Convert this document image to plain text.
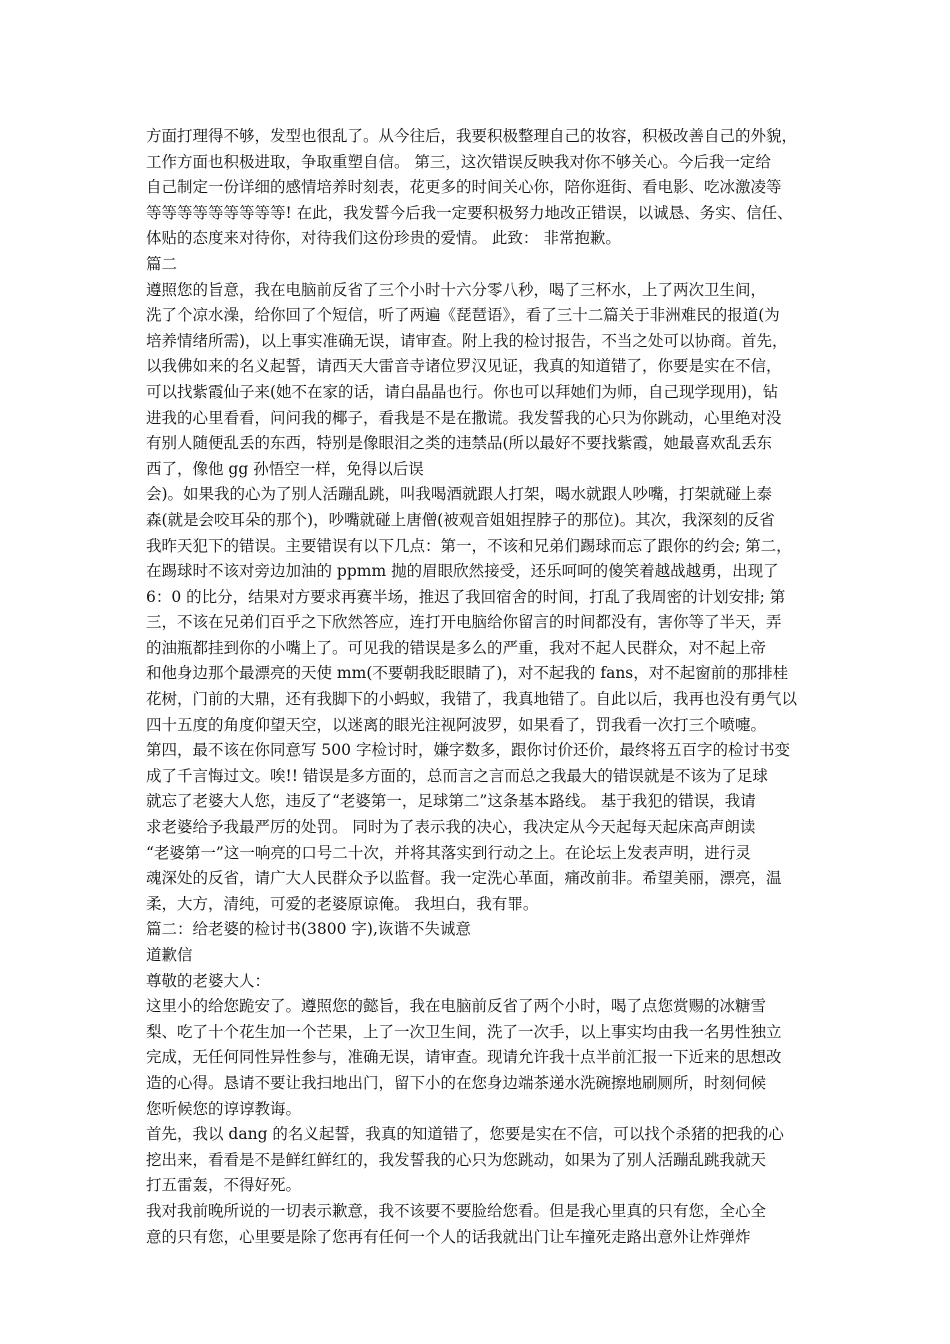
方面打理得不够，发型也很乱了。从今往后，我要积极整理自己的妆容，积极改善自己的外貌，
工作方面也积极进取，争取重塑自信。 第三，这次错误反映我对你不够关心。今后我一定给
自己制定一份详细的感情培养时刻表，花更多的时间关心你，陪你逛街、看电影、吃冰激凌等
等等等等等等等等等! 在此，我发誓今后我一定要积极努力地改正错误，以诚恳、务实、信任、
体贴的态度来对待你，对待我们这份珍贵的爱情。 此致： 非常抱歉。
篇二
遵照您的旨意，我在电脑前反省了三个小时十六分零八秒，喝了三杯水，上了两次卫生间，
洗了个凉水澡，给你回了个短信，听了两遍《琵琶语》，看了三十二篇关于非洲难民的报道(为
培养情绪所需)，以上事实准确无误，请审查。附上我的检讨报告，不当之处可以协商。首先，
以我佛如来的名义起誓，请西天大雷音寺诸位罗汉见证，我真的知道错了，你要是实在不信，
可以找紫霞仙子来(她不在家的话，请白晶晶也行。你也可以拜她们为师，自己现学现用)，钻
进我的心里看看，问问我的椰子，看我是不是在撒谎。我发誓我的心只为你跳动，心里绝对没
有别人随便乱丢的东西，特别是像眼泪之类的违禁品(所以最好不要找紫霞，她最喜欢乱丢东
西了，像他 gg 孙悟空一样，免得以后误
会)。如果我的心为了别人活蹦乱跳，叫我喝酒就跟人打架，喝水就跟人吵嘴，打架就碰上泰
森(就是会咬耳朵的那个)，吵嘴就碰上唐僧(被观音姐姐捏脖子的那位)。其次，我深刻的反省
我昨天犯下的错误。主要错误有以下几点：第一，不该和兄弟们踢球而忘了跟你的约会; 第二，
在踢球时不该对旁边加油的 ppmm 抛的眉眼欣然接受，还乐呵呵的傻笑着越战越勇，出现了
6：0 的比分，结果对方要求再赛半场，推迟了我回宿舍的时间，打乱了我周密的计划安排; 第
三，不该在兄弟们百乎之下欣然答应，连打开电脑给你留言的时间都没有，害你等了半天，弄
的油瓶都挂到你的小嘴上了。可见我的错误是多么的严重，我对不起人民群众，对不起上帝
和他身边那个最漂亮的天使 mm(不要朝我眨眼睛了)，对不起我的 fans，对不起窗前的那排桂
花树，门前的大鼎，还有我脚下的小蚂蚁，我错了，我真地错了。自此以后，我再也没有勇气以
四十五度的角度仰望天空，以迷离的眼光注视阿波罗，如果看了，罚我看一次打三个喷嚏。
第四，最不该在你同意写 500 字检讨时，嫌字数多，跟你讨价还价，最终将五百字的检讨书变
成了千言悔过文。唉!! 错误是多方面的，总而言之言而总之我最大的错误就是不该为了足球
就忘了老婆大人您，违反了“老婆第一，足球第二”这条基本路线。 基于我犯的错误，我请
求老婆给予我最严厉的处罚。 同时为了表示我的决心，我决定从今天起每天起床高声朗读
“老婆第一”这一响亮的口号二十次，并将其落实到行动之上。在论坛上发表声明，进行灵
魂深处的反省，请广大人民群众予以监督。我一定洗心革面，痛改前非。希望美丽，漂亮，温
柔，大方，清纯，可爱的老婆原谅俺。 我坦白，我有罪。
篇二：给老婆的检讨书(3800 字),诙谐不失诚意
道歉信
尊敬的老婆大人：
这里小的给您跪安了。遵照您的懿旨，我在电脑前反省了两个小时，喝了点您赏赐的冰糖雪
梨、吃了十个花生加一个芒果，上了一次卫生间，洗了一次手，以上事实均由我一名男性独立
完成，无任何同性异性参与，准确无误，请审查。现请允许我十点半前汇报一下近来的思想改
造的心得。恳请不要让我扫地出门，留下小的在您身边端茶递水洗碗擦地刷厕所，时刻伺候
您听候您的谆谆教诲。
首先，我以 dang 的名义起誓，我真的知道错了，您要是实在不信，可以找个杀猪的把我的心
挖出来，看看是不是鲜红鲜红的，我发誓我的心只为您跳动，如果为了别人活蹦乱跳我就天
打五雷轰，不得好死。
我对我前晚所说的一切表示歉意，我不该要不要脸给您看。但是我心里真的只有您，全心全
意的只有您，心里要是除了您再有任何一个人的话我就出门让车撞死走路出意外让炸弹炸
